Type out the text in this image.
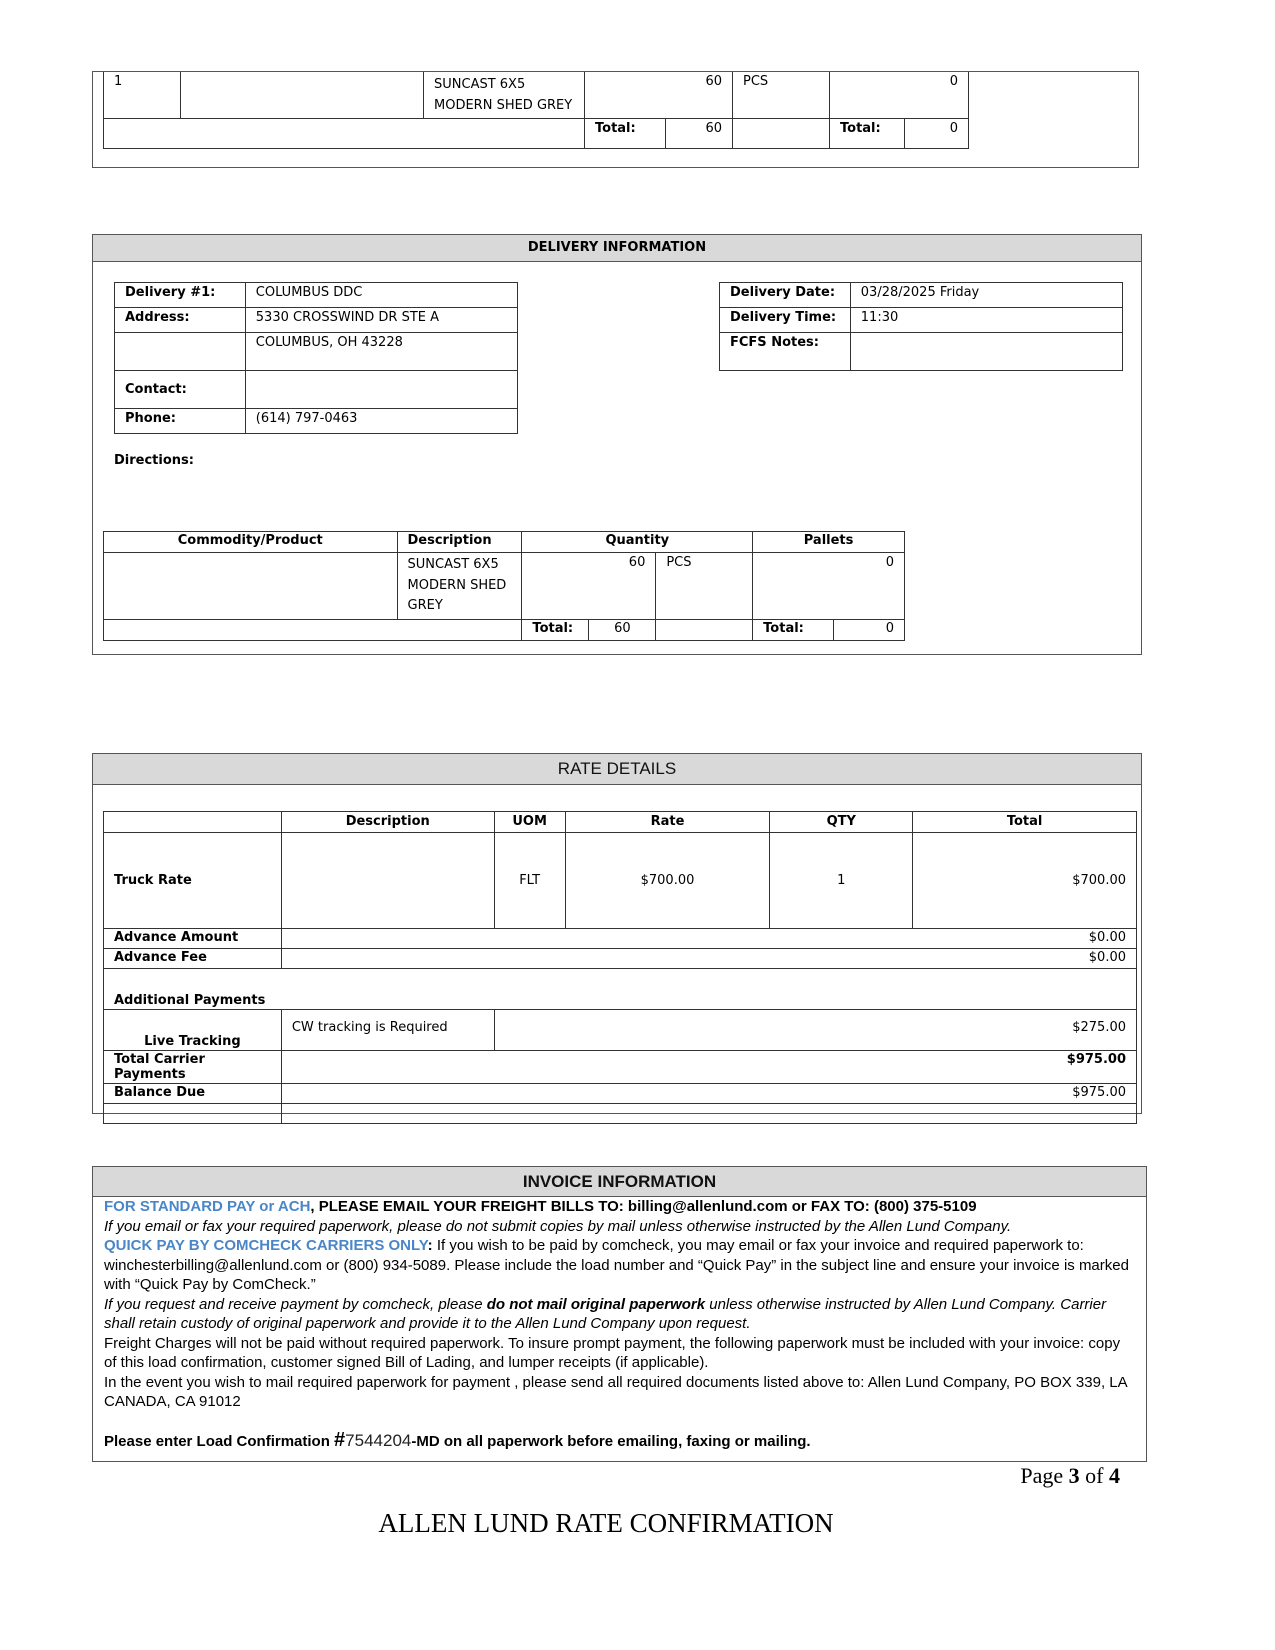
1		SUNCAST 6X5 MODERN SHED GREY	60		PCS	0	
			Total:	60		Total:	0
DELIVERY INFORMATION
Delivery #1:	COLUMBUS DDC
Address:	5330 CROSSWIND DR STE A
	COLUMBUS, OH 43228
Contact:	
Phone:	(614) 797-0463
Delivery Date:	03/28/2025 Friday
Delivery Time:	11:30
FCFS Notes:	
Directions:
Commodity/Product	Description	Quantity			Pallets	
	SUNCAST 6X5 MODERN SHED GREY	60		PCS	0	
		Total:	60		Total:	0
RATE DETAILS
	Description	UOM	Rate	QTY	Total
Truck Rate		FLT	$700.00	1	$700.00
Advance Amount	$0.00				
Advance Fee	$0.00				
Additional Payments					
Live Tracking	CW tracking is Required	$275.00			
Total Carrier Payments	$975.00				
Balance Due	$975.00				

INVOICE INFORMATION

FOR STANDARD PAY or ACH, PLEASE EMAIL YOUR FREIGHT BILLS TO: billing@allenlund.com or FAX TO: (800) 375-5109

If you email or fax your required paperwork, please do not submit copies by mail unless otherwise instructed by the Allen Lund Company.

QUICK PAY BY COMCHECK CARRIERS ONLY: If you wish to be paid by comcheck, you may email or fax your invoice and required paperwork to: winchesterbilling@allenlund.com or (800) 934-5089. Please include the load number and “Quick Pay” in the subject line and ensure your invoice is marked with “Quick Pay by ComCheck.”

If you request and receive payment by comcheck, please do not mail original paperwork unless otherwise instructed by Allen Lund Company. Carrier shall retain custody of original paperwork and provide it to the Allen Lund Company upon request.

Freight Charges will not be paid without required paperwork. To insure prompt payment, the following paperwork must be included with your invoice: copy of this load confirmation, customer signed Bill of Lading, and lumper receipts (if applicable).

In the event you wish to mail required paperwork for payment , please send all required documents listed above to: Allen Lund Company, PO BOX 339, LA CANADA, CA 91012

Please enter Load Confirmation #7544204-MD on all paperwork before emailing, faxing or mailing.

Page 3 of 4
ALLEN LUND RATE CONFIRMATION
